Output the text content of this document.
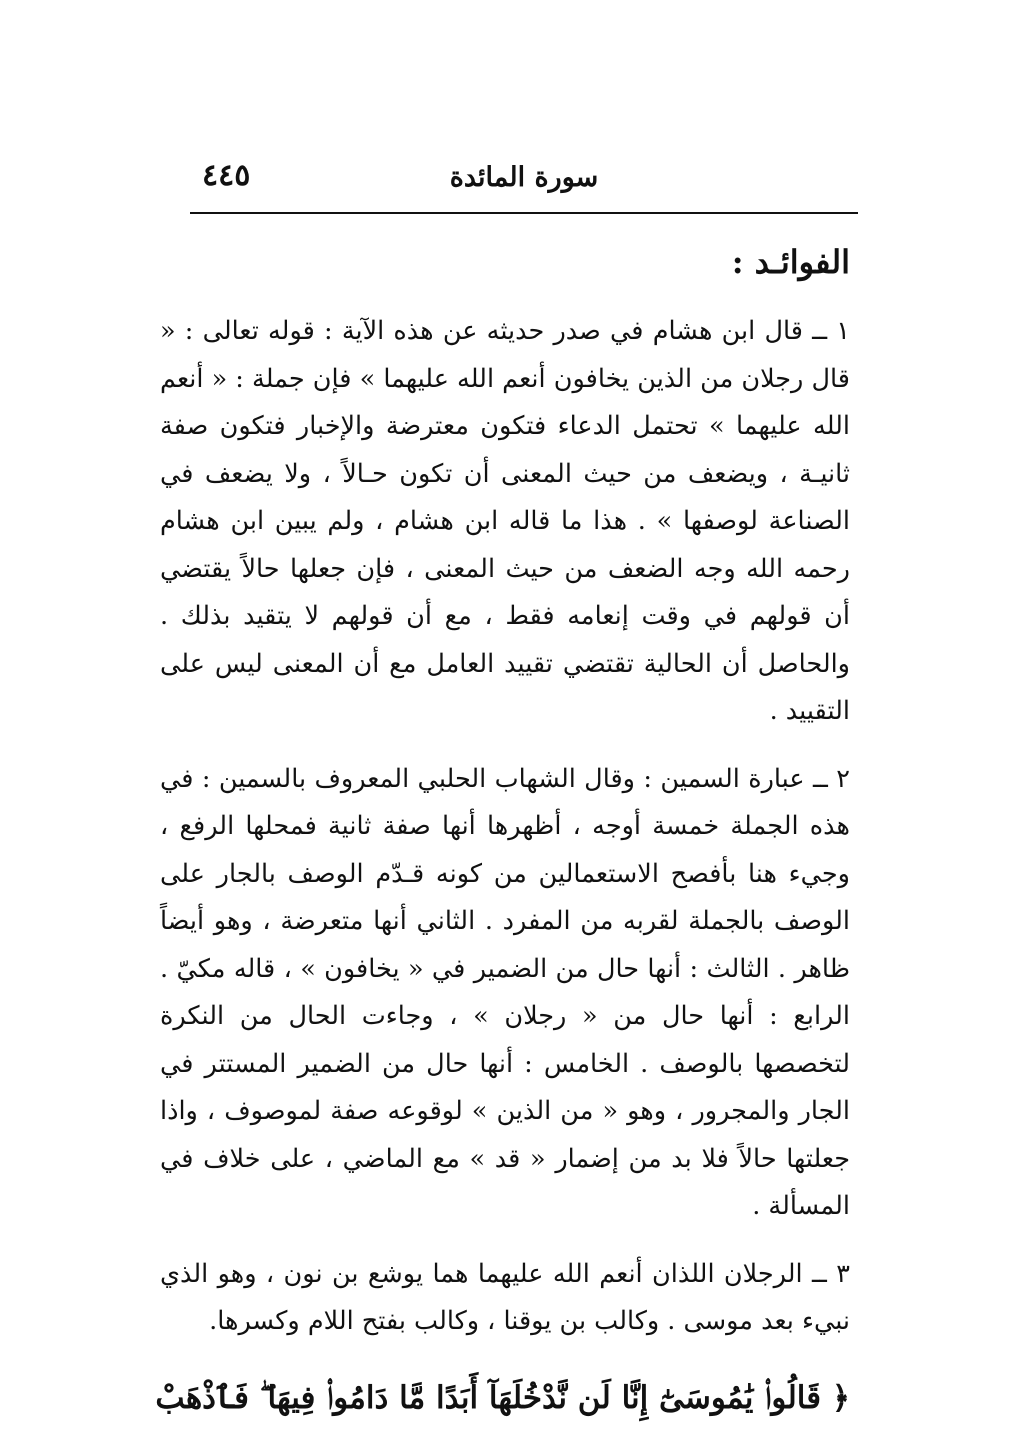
سورة المائدة
٤٤٥
الفوائـد :

١ ــ قال ابن هشام في صدر حديثه عن هذه الآية : قوله تعالى : « قال رجلان من الذين يخافون أنعم الله عليهما » فإن جملة : « أنعم الله عليهما » تحتمل الدعاء فتكون معترضة والإخبار فتكون صفة ثانيـة ، ويضعف من حيث المعنى أن تكون حـالاً ، ولا يضعف في الصناعة لوصفها » . هذا ما قاله ابن هشام ، ولم يبين ابن هشام رحمه الله وجه الضعف من حيث المعنى ، فإن جعلها حالاً يقتضي أن قولهم في وقت إنعامه فقط ، مع أن قولهم لا يتقيد بذلك . والحاصل أن الحالية تقتضي تقييد العامل مع أن المعنى ليس على التقييد .

٢ ــ عبارة السمين : وقال الشهاب الحلبي المعروف بالسمين : في هذه الجملة خمسة أوجه ، أظهرها أنها صفة ثانية فمحلها الرفع ، وجيء هنا بأفصح الاستعمالين من كونه قـدّم الوصف بالجار على الوصف بالجملة لقربه من المفرد . الثاني أنها متعرضة ، وهو أيضاً ظاهر . الثالث : أنها حال من الضمير في « يخافون » ، قاله مكيّ . الرابع : أنها حال من « رجلان » ، وجاءت الحال من النكرة لتخصصها بالوصف . الخامس : أنها حال من الضمير المستتر في الجار والمجرور ، وهو « من الذين » لوقوعه صفة لموصوف ، واذا جعلتها حالاً فلا بد من إضمار « قد » مع الماضي ، على خلاف في المسألة .

٣ ــ الرجلان اللذان أنعم الله عليهما هما يوشع بن نون ، وهو الذي نبيء بعد موسى . وكالب بن يوقنا ، وكالب بفتح اللام وكسرها.

﴿ قَالُوا۟ يَٰمُوسَىٰٓ إِنَّا لَن نَّدْخُلَهَآ أَبَدًا مَّا دَامُوا۟ فِيهَا ۖ فَٱذْهَبْ
